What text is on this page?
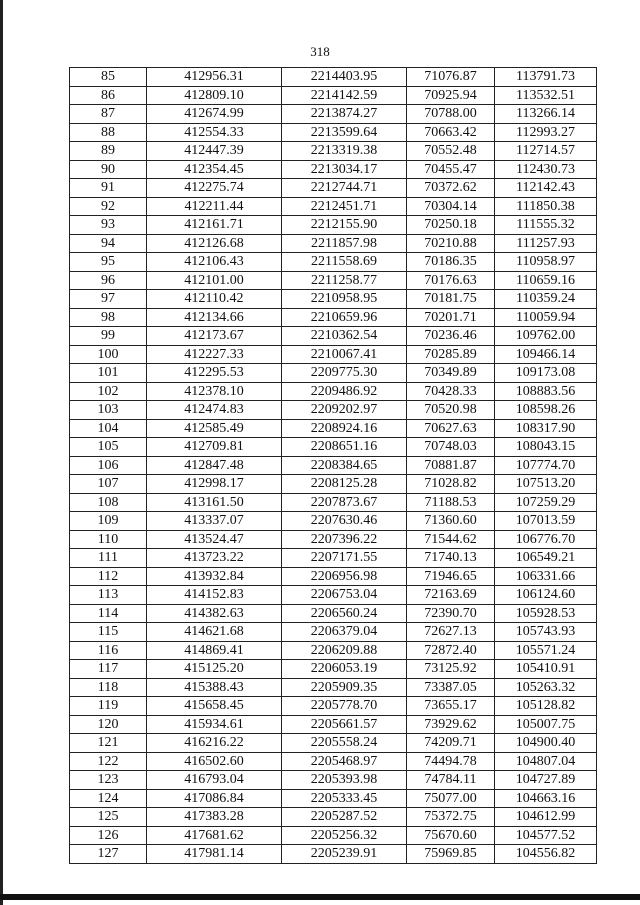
318
85	412956.31	2214403.95	71076.87	113791.73
86	412809.10	2214142.59	70925.94	113532.51
87	412674.99	2213874.27	70788.00	113266.14
88	412554.33	2213599.64	70663.42	112993.27
89	412447.39	2213319.38	70552.48	112714.57
90	412354.45	2213034.17	70455.47	112430.73
91	412275.74	2212744.71	70372.62	112142.43
92	412211.44	2212451.71	70304.14	111850.38
93	412161.71	2212155.90	70250.18	111555.32
94	412126.68	2211857.98	70210.88	111257.93
95	412106.43	2211558.69	70186.35	110958.97
96	412101.00	2211258.77	70176.63	110659.16
97	412110.42	2210958.95	70181.75	110359.24
98	412134.66	2210659.96	70201.71	110059.94
99	412173.67	2210362.54	70236.46	109762.00
100	412227.33	2210067.41	70285.89	109466.14
101	412295.53	2209775.30	70349.89	109173.08
102	412378.10	2209486.92	70428.33	108883.56
103	412474.83	2209202.97	70520.98	108598.26
104	412585.49	2208924.16	70627.63	108317.90
105	412709.81	2208651.16	70748.03	108043.15
106	412847.48	2208384.65	70881.87	107774.70
107	412998.17	2208125.28	71028.82	107513.20
108	413161.50	2207873.67	71188.53	107259.29
109	413337.07	2207630.46	71360.60	107013.59
110	413524.47	2207396.22	71544.62	106776.70
111	413723.22	2207171.55	71740.13	106549.21
112	413932.84	2206956.98	71946.65	106331.66
113	414152.83	2206753.04	72163.69	106124.60
114	414382.63	2206560.24	72390.70	105928.53
115	414621.68	2206379.04	72627.13	105743.93
116	414869.41	2206209.88	72872.40	105571.24
117	415125.20	2206053.19	73125.92	105410.91
118	415388.43	2205909.35	73387.05	105263.32
119	415658.45	2205778.70	73655.17	105128.82
120	415934.61	2205661.57	73929.62	105007.75
121	416216.22	2205558.24	74209.71	104900.40
122	416502.60	2205468.97	74494.78	104807.04
123	416793.04	2205393.98	74784.11	104727.89
124	417086.84	2205333.45	75077.00	104663.16
125	417383.28	2205287.52	75372.75	104612.99
126	417681.62	2205256.32	75670.60	104577.52
127	417981.14	2205239.91	75969.85	104556.82
